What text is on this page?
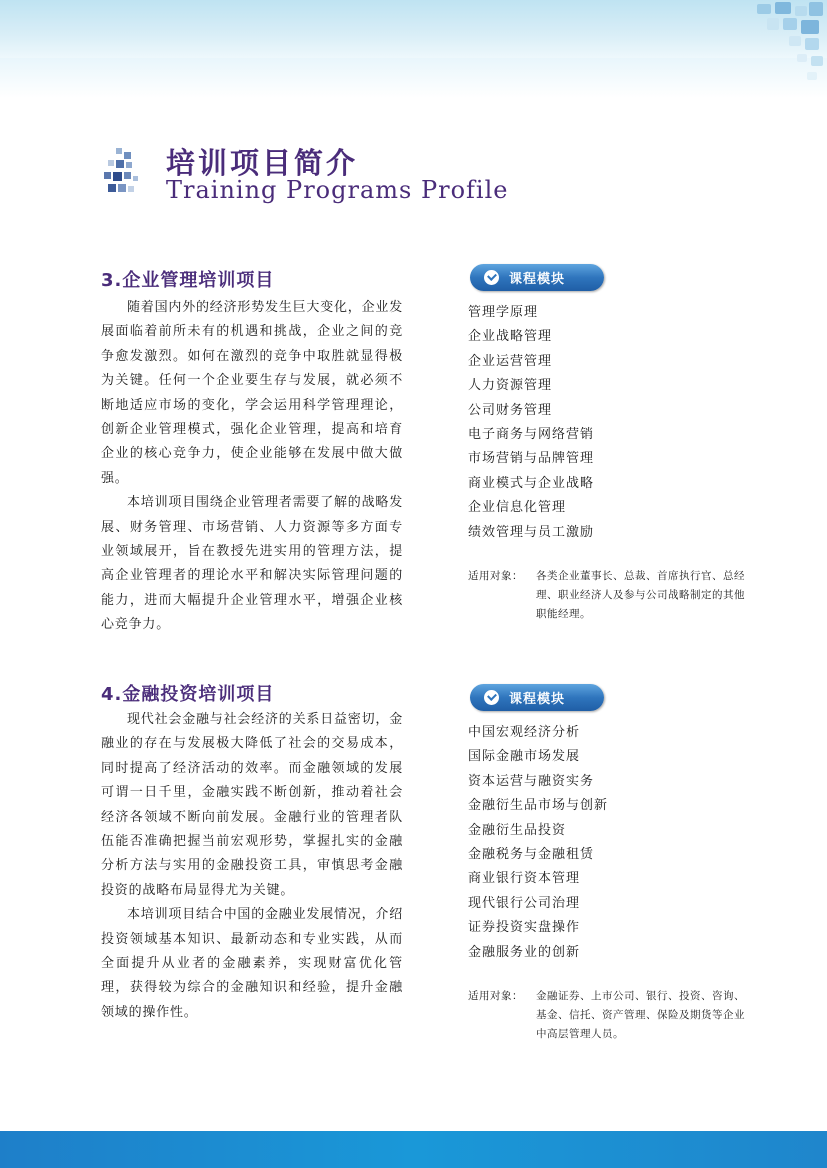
培训项目简介
Training Programs Profile
3.企业管理培训项目

随着国内外的经济形势发生巨大变化，企业发展面临着前所未有的机遇和挑战，企业之间的竞争愈发激烈。如何在激烈的竞争中取胜就显得极为关键。任何一个企业要生存与发展，就必须不断地适应市场的变化，学会运用科学管理理论，创新企业管理模式，强化企业管理，提高和培育企业的核心竞争力，使企业能够在发展中做大做强。

本培训项目围绕企业管理者需要了解的战略发展、财务管理、市场营销、人力资源等多方面专业领域展开，旨在教授先进实用的管理方法，提高企业管理者的理论水平和解决实际管理问题的能力，进而大幅提升企业管理水平，增强企业核心竞争力。

课程模块
管理学原理
企业战略管理
企业运营管理
人力资源管理
公司财务管理
电子商务与网络营销
市场营销与品牌管理
商业模式与企业战略
企业信息化管理
绩效管理与员工激励
适用对象：	各类企业董事长、总裁、首席执行官、总经理、职业经济人及参与公司战略制定的其他职能经理。
4.金融投资培训项目

现代社会金融与社会经济的关系日益密切，金融业的存在与发展极大降低了社会的交易成本，同时提高了经济活动的效率。而金融领域的发展可谓一日千里，金融实践不断创新，推动着社会经济各领域不断向前发展。金融行业的管理者队伍能否准确把握当前宏观形势，掌握扎实的金融分析方法与实用的金融投资工具，审慎思考金融投资的战略布局显得尤为关键。

本培训项目结合中国的金融业发展情况，介绍投资领域基本知识、最新动态和专业实践，从而全面提升从业者的金融素养，实现财富优化管理，获得较为综合的金融知识和经验，提升金融领域的操作性。

课程模块
中国宏观经济分析
国际金融市场发展
资本运营与融资实务
金融衍生品市场与创新
金融衍生品投资
金融税务与金融租赁
商业银行资本管理
现代银行公司治理
证券投资实盘操作
金融服务业的创新
适用对象：	金融证券、上市公司、银行、投资、咨询、基金、信托、资产管理、保险及期货等企业中高层管理人员。
